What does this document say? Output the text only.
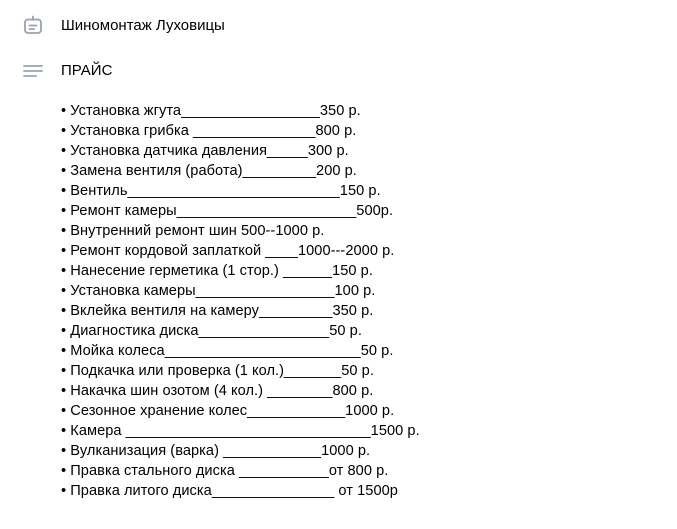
Шиномонтаж Луховицы
ПРАЙС
• Установка жгута_________________350 р.
• Установка грибка _______________800 р.
• Установка датчика давления_____300 р.
• Замена вентиля (работа)_________200 р.
• Вентиль__________________________150 р.
• Ремонт камеры______________________500р.
• Внутренний ремонт шин 500--1000 р.
• Ремонт кордовой заплаткой ____1000---2000 р.
• Нанесение герметика (1 стор.) ______150 р.
• Установка камеры_________________100 р.
• Вклейка вентиля на камеру_________350 р.
• Диагностика диска________________50 р.
• Мойка колеса________________________50 р.
• Подкачка или проверка (1 кол.)_______50 р.
• Накачка шин озотом (4 кол.) ________800 р.
• Сезонное хранение колес____________1000 р.
• Камера ______________________________1500 р.
• Вулканизация (варка) ____________1000 р.
• Правка стального диска ___________от 800 р.
• Правка литого диска_______________ от 1500р
